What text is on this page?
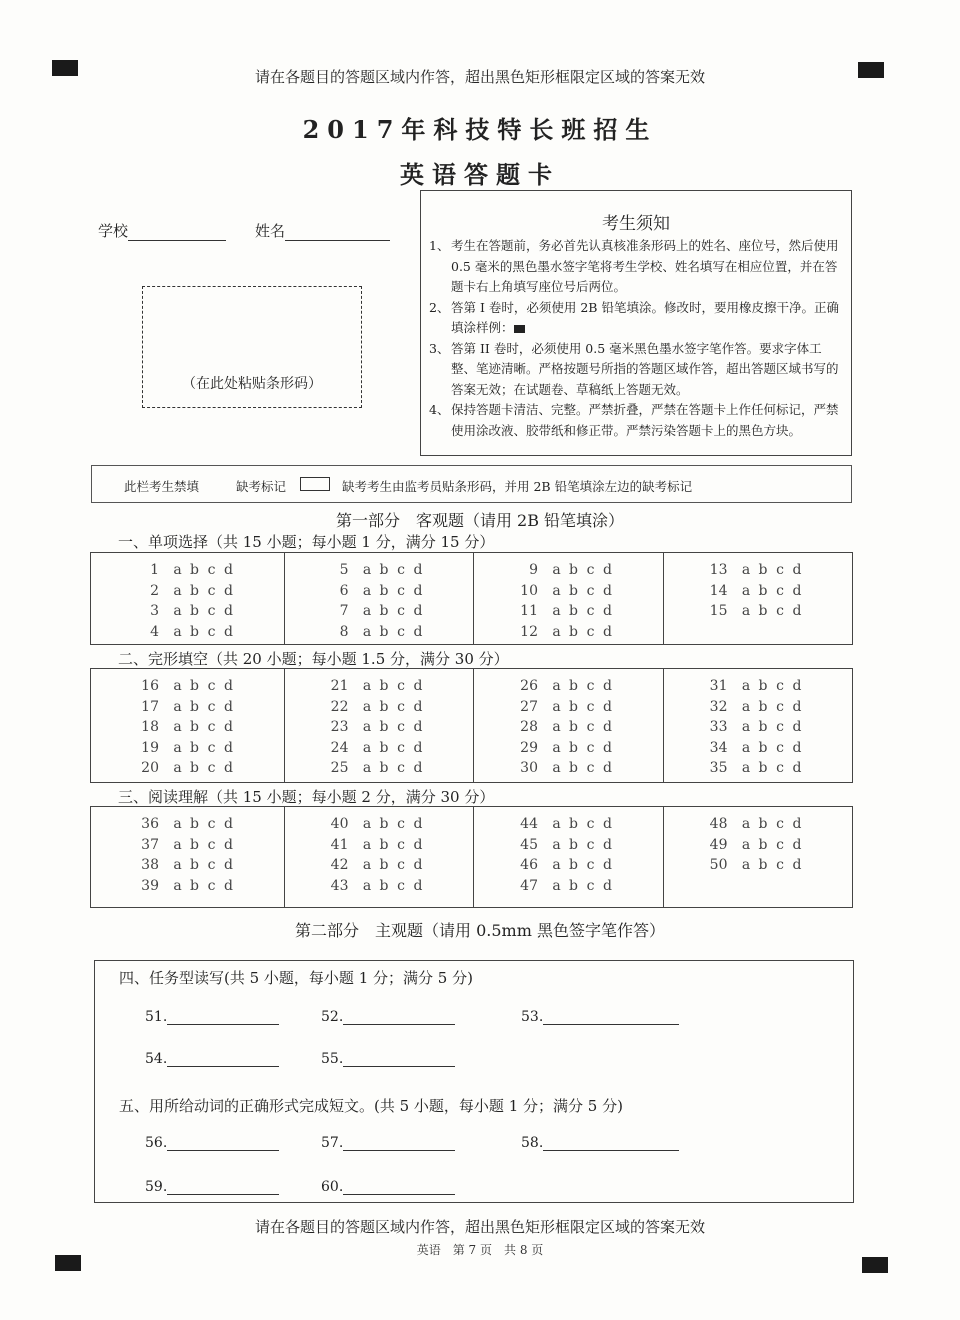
请在各题目的答题区域内作答，超出黑色矩形框限定区域的答案无效
2017年科技特长班招生
英语答题卡
学校	姓名
（在此处粘贴条形码）
考生须知
1、 考生在答题前，务必首先认真核准条形码上的姓名、座位号，然后使用 0.5 毫米的黑色墨水签字笔将考生学校、姓名填写在相应位置，并在答题卡右上角填写座位号后两位。
2、 答第 I 卷时，必须使用 2B 铅笔填涂。修改时，要用橡皮擦干净。正确填涂样例：
3、 答第 II 卷时，必须使用 0.5 毫米黑色墨水签字笔作答。要求字体工整、笔迹清晰。严格按题号所指的答题区域作答，超出答题区域书写的答案无效；在试题卷、草稿纸上答题无效。
4、 保持答题卡清洁、完整。严禁折叠，严禁在答题卡上作任何标记，严禁使用涂改液、胶带纸和修正带。严禁污染答题卡上的黑色方块。
此栏考生禁填	缺考标记	缺考考生由监考员贴条形码，并用 2B 铅笔填涂左边的缺考标记
第一部分　客观题（请用 2B 铅笔填涂）
一、单项选择（共 15 小题；每小题 1 分，满分 15 分）
1	a b c d
2	a b c d
3	a b c d
4	a b c d
5	a b c d
6	a b c d
7	a b c d
8	a b c d
9	a b c d
10	a b c d
11	a b c d
12	a b c d
13	a b c d
14	a b c d
15	a b c d
二、完形填空（共 20 小题；每小题 1.5 分，满分 30 分）
16	a b c d
17	a b c d
18	a b c d
19	a b c d
20	a b c d
21	a b c d
22	a b c d
23	a b c d
24	a b c d
25	a b c d
26	a b c d
27	a b c d
28	a b c d
29	a b c d
30	a b c d
31	a b c d
32	a b c d
33	a b c d
34	a b c d
35	a b c d
三、阅读理解（共 15 小题；每小题 2 分，满分 30 分）
36	a b c d
37	a b c d
38	a b c d
39	a b c d
40	a b c d
41	a b c d
42	a b c d
43	a b c d
44	a b c d
45	a b c d
46	a b c d
47	a b c d
48	a b c d
49	a b c d
50	a b c d
第二部分　主观题（请用 0.5mm 黑色签字笔作答）
四、任务型读写(共 5 小题，每小题 1 分；满分 5 分)
51.	52.	53.
54.	55.
五、用所给动词的正确形式完成短文。(共 5 小题，每小题 1 分；满分 5 分)
56.	57.	58.
59.	60.
请在各题目的答题区域内作答，超出黑色矩形框限定区域的答案无效
英语　第 7 页　共 8 页
